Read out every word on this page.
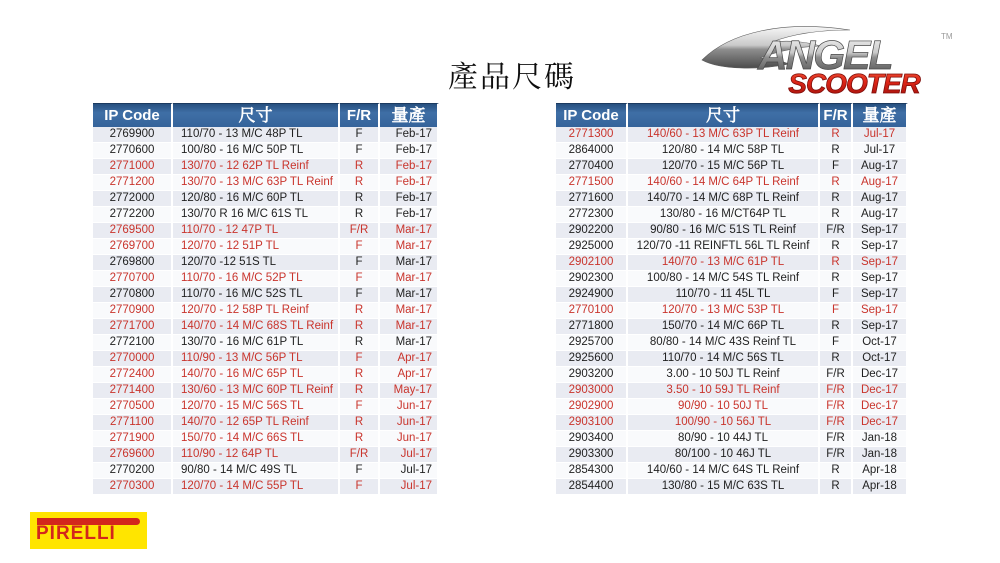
產品尺碼	ANGEL	TM
SCOOTER
IP Code	尺寸	F/R	量產
2769900	110/70 - 13 M/C 48P TL	F	Feb-17
2770600	100/80 - 16 M/C 50P TL	F	Feb-17
2771000	130/70 - 12 62P TL Reinf	R	Feb-17
2771200	130/70 - 13 M/C 63P TL Reinf	R	Feb-17
2772000	120/80 - 16 M/C 60P TL	R	Feb-17
2772200	130/70 R 16 M/C 61S TL	R	Feb-17
2769500	110/70 - 12 47P TL	F/R	Mar-17
2769700	120/70 - 12 51P TL	F	Mar-17
2769800	120/70 -12 51S TL	F	Mar-17
2770700	110/70 - 16 M/C 52P TL	F	Mar-17
2770800	110/70 - 16 M/C 52S TL	F	Mar-17
2770900	120/70 - 12 58P TL Reinf	R	Mar-17
2771700	140/70 - 14 M/C 68S TL Reinf	R	Mar-17
2772100	130/70 - 16 M/C 61P TL	R	Mar-17
2770000	110/90 - 13 M/C 56P TL	F	Apr-17
2772400	140/70 - 16 M/C 65P TL	R	Apr-17
2771400	130/60 - 13 M/C 60P TL Reinf	R	May-17
2770500	120/70 - 15 M/C 56S TL	F	Jun-17
2771100	140/70 - 12 65P TL Reinf	R	Jun-17
2771900	150/70 - 14 M/C 66S TL	R	Jun-17
2769600	110/90 - 12 64P TL	F/R	Jul-17
2770200	90/80 - 14 M/C 49S TL	F	Jul-17
2770300	120/70 - 14 M/C 55P TL	F	Jul-17
IP Code	尺寸	F/R	量產
2771300	140/60 - 13 M/C 63P TL Reinf	R	Jul-17
2864000	120/80 - 14 M/C 58P TL	R	Jul-17
2770400	120/70 - 15 M/C 56P TL	F	Aug-17
2771500	140/60 - 14 M/C 64P TL Reinf	R	Aug-17
2771600	140/70 - 14 M/C 68P TL Reinf	R	Aug-17
2772300	130/80 - 16 M/CT64P TL	R	Aug-17
2902200	90/80 - 16 M/C 51S TL Reinf	F/R	Sep-17
2925000	120/70 -11 REINFTL 56L TL Reinf	R	Sep-17
2902100	140/70 - 13 M/C 61P TL	R	Sep-17
2902300	100/80 - 14 M/C 54S TL Reinf	R	Sep-17
2924900	110/70 - 11 45L TL	F	Sep-17
2770100	120/70 - 13 M/C 53P TL	F	Sep-17
2771800	150/70 - 14 M/C 66P TL	R	Sep-17
2925700	80/80 - 14 M/C 43S Reinf TL	F	Oct-17
2925600	110/70 - 14 M/C 56S TL	R	Oct-17
2903200	3.00 - 10 50J TL Reinf	F/R	Dec-17
2903000	3.50 - 10 59J TL Reinf	F/R	Dec-17
2902900	90/90 - 10 50J TL	F/R	Dec-17
2903100	100/90 - 10 56J TL	F/R	Dec-17
2903400	80/90 - 10 44J TL	F/R	Jan-18
2903300	80/100 - 10 46J TL	F/R	Jan-18
2854300	140/60 - 14 M/C 64S TL Reinf	R	Apr-18
2854400	130/80 - 15 M/C 63S TL	R	Apr-18
PIRELLI
